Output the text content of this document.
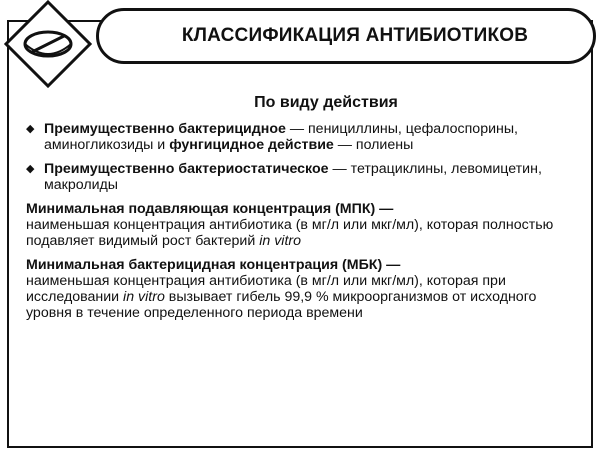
КЛАССИФИКАЦИЯ АНТИБИОТИКОВ
По виду действия
◆ Преимущественно бактерицидное — пенициллины, цефалоспорины, аминогликозиды и фунгицидное действие — полиены
◆ Преимущественно бактериостатическое — тетрациклины, левомицетин, макролиды
Минимальная подавляющая концентрация (МПК) —
наименьшая концентрация антибиотика (в мг/л или мкг/мл), которая полностью подавляет видимый рост бактерий in vitro
Минимальная бактерицидная концентрация (МБК) —
наименьшая концентрация антибиотика (в мг/л или мкг/мл), которая при исследовании in vitro вызывает гибель 99,9 % микроорганизмов от исходного уровня в течение определенного периода времени
